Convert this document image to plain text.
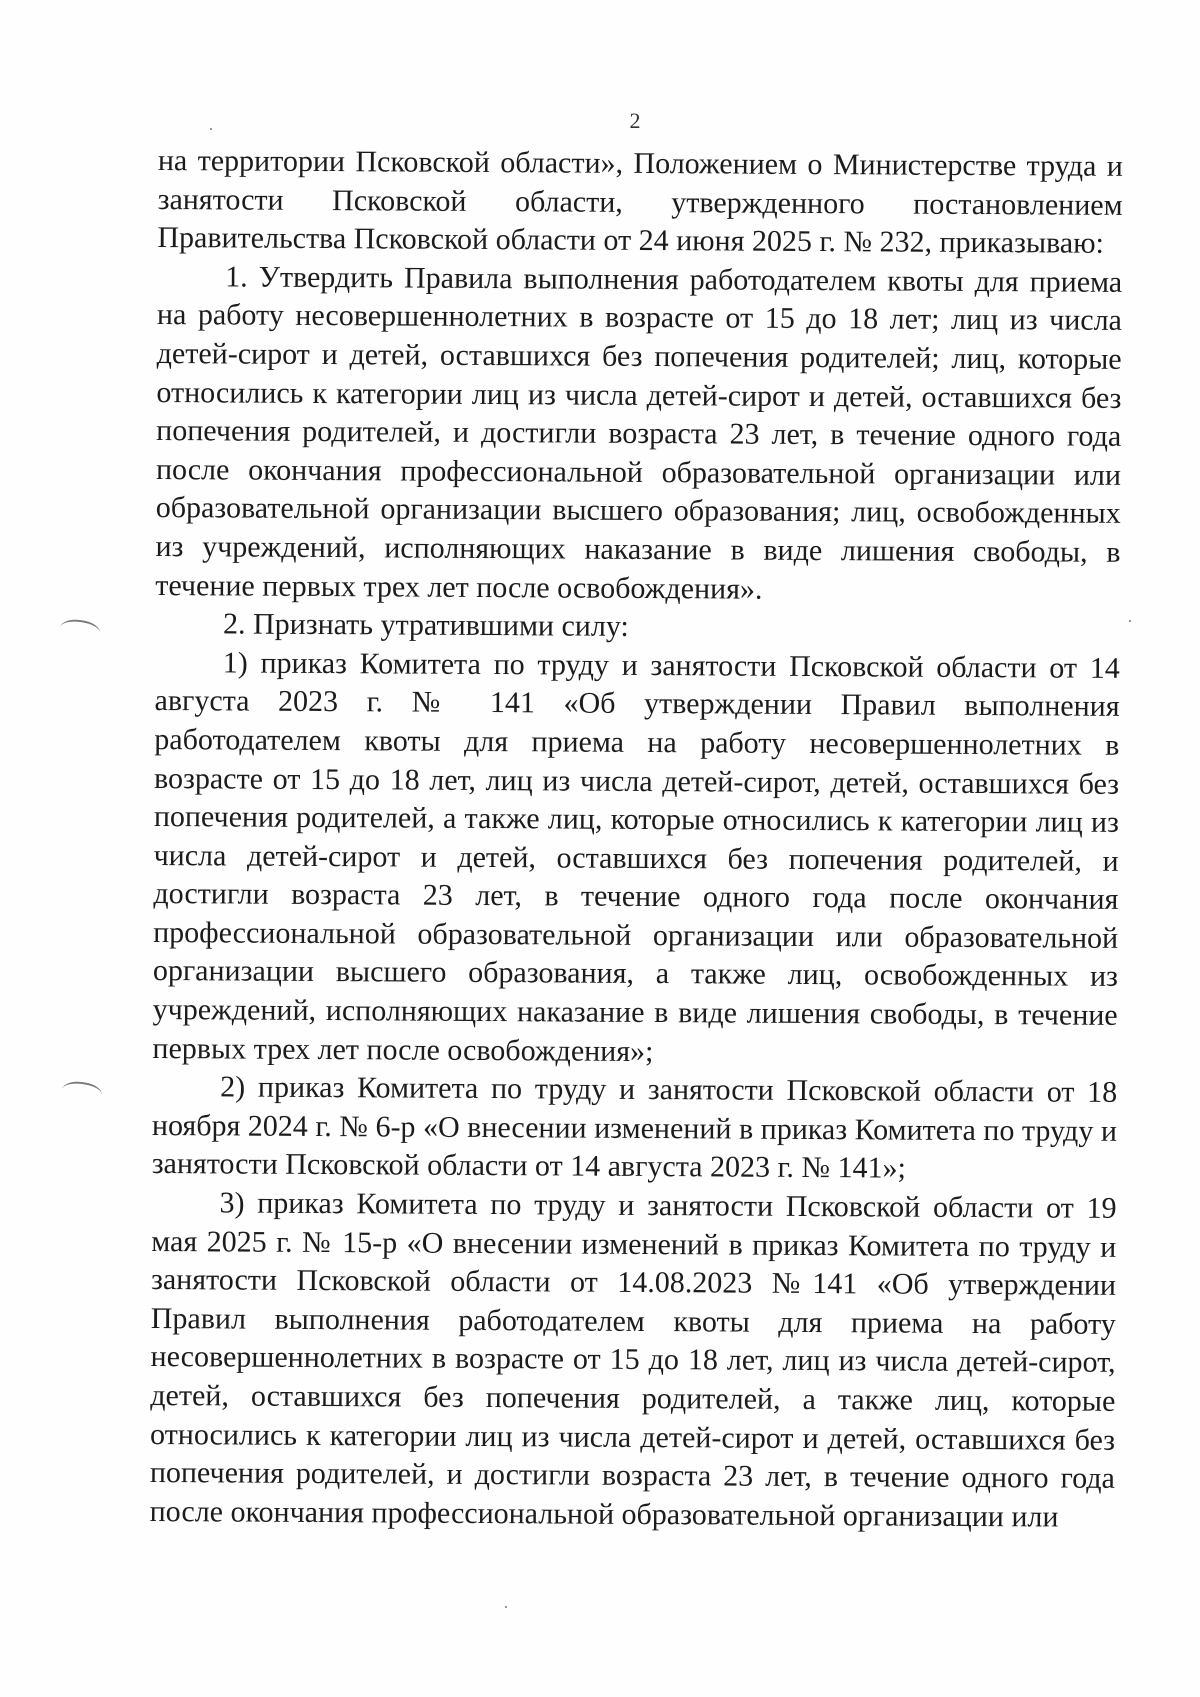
2

на территории Псковской области», Положением о Министерстве труда и занятости Псковской области, утвержденного постановлением Правительства Псковской области от 24 июня 2025 г. № 232, приказываю:

1. Утвердить Правила выполнения работодателем квоты для приема на работу несовершеннолетних в возрасте от 15 до 18 лет; лиц из числа детей-сирот и детей, оставшихся без попечения родителей; лиц, которые относились к категории лиц из числа детей-сирот и детей, оставшихся без попечения родителей, и достигли возраста 23 лет, в течение одного года после окончания профессиональной образовательной организации или образовательной организации высшего образования; лиц, освобожденных из учреждений, исполняющих наказание в виде лишения свободы, в течение первых трех лет после освобождения».

2. Признать утратившими силу:

1) приказ Комитета по труду и занятости Псковской области от 14 августа 2023 г. № 141 «Об утверждении Правил выполнения работодателем квоты для приема на работу несовершеннолетних в возрасте от 15 до 18 лет, лиц из числа детей-сирот, детей, оставшихся без попечения родителей, а также лиц, которые относились к категории лиц из числа детей-сирот и детей, оставшихся без попечения родителей, и достигли возраста 23 лет, в течение одного года после окончания профессиональной образовательной организации или образовательной организации высшего образования, а также лиц, освобожденных из учреждений, исполняющих наказание в виде лишения свободы, в течение первых трех лет после освобождения»;

2) приказ Комитета по труду и занятости Псковской области от 18 ноября 2024 г. № 6-р «О внесении изменений в приказ Комитета по труду и занятости Псковской области от 14 августа 2023 г. № 141»;

3) приказ Комитета по труду и занятости Псковской области от 19 мая 2025 г. № 15-р «О внесении изменений в приказ Комитета по труду и занятости Псковской области от 14.08.2023 №141 «Об утверждении Правил выполнения работодателем квоты для приема на работу несовершеннолетних в возрасте от 15 до 18 лет, лиц из числа детей-сирот, детей, оставшихся без попечения родителей, а также лиц, которые относились к категории лиц из числа детей-сирот и детей, оставшихся без попечения родителей, и достигли возраста 23 лет, в течение одного года после окончания профессиональной образовательной организации или
